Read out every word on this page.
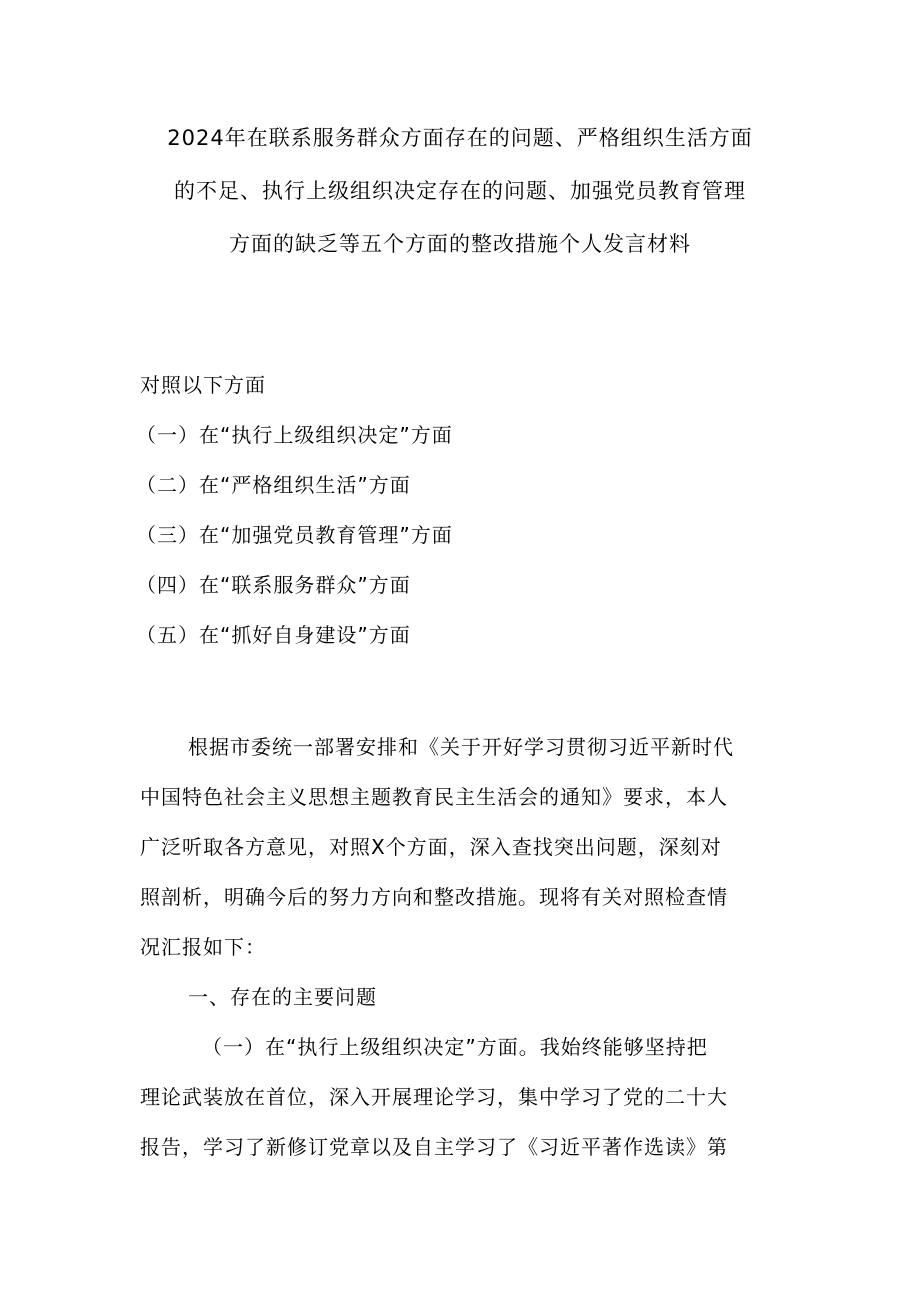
2024年在联系服务群众方面存在的问题、严格组织生活方面
的不足、执行上级组织决定存在的问题、加强党员教育管理
方面的缺乏等五个方面的整改措施个人发言材料
对照以下方面
（一）在“执行上级组织决定”方面
（二）在“严格组织生活”方面
（三）在“加强党员教育管理”方面
（四）在“联系服务群众”方面
（五）在“抓好自身建设”方面
根据市委统一部署安排和《关于开好学习贯彻习近平新时代
中国特色社会主义思想主题教育民主生活会的通知》要求，本人
广泛听取各方意见，对照X个方面，深入查找突出问题，深刻对
照剖析，明确今后的努力方向和整改措施。现将有关对照检查情
况汇报如下：
一、存在的主要问题
（一）在“执行上级组织决定”方面。我始终能够坚持把
理论武装放在首位，深入开展理论学习，集中学习了党的二十大
报告，学习了新修订党章以及自主学习了《习近平著作选读》第
